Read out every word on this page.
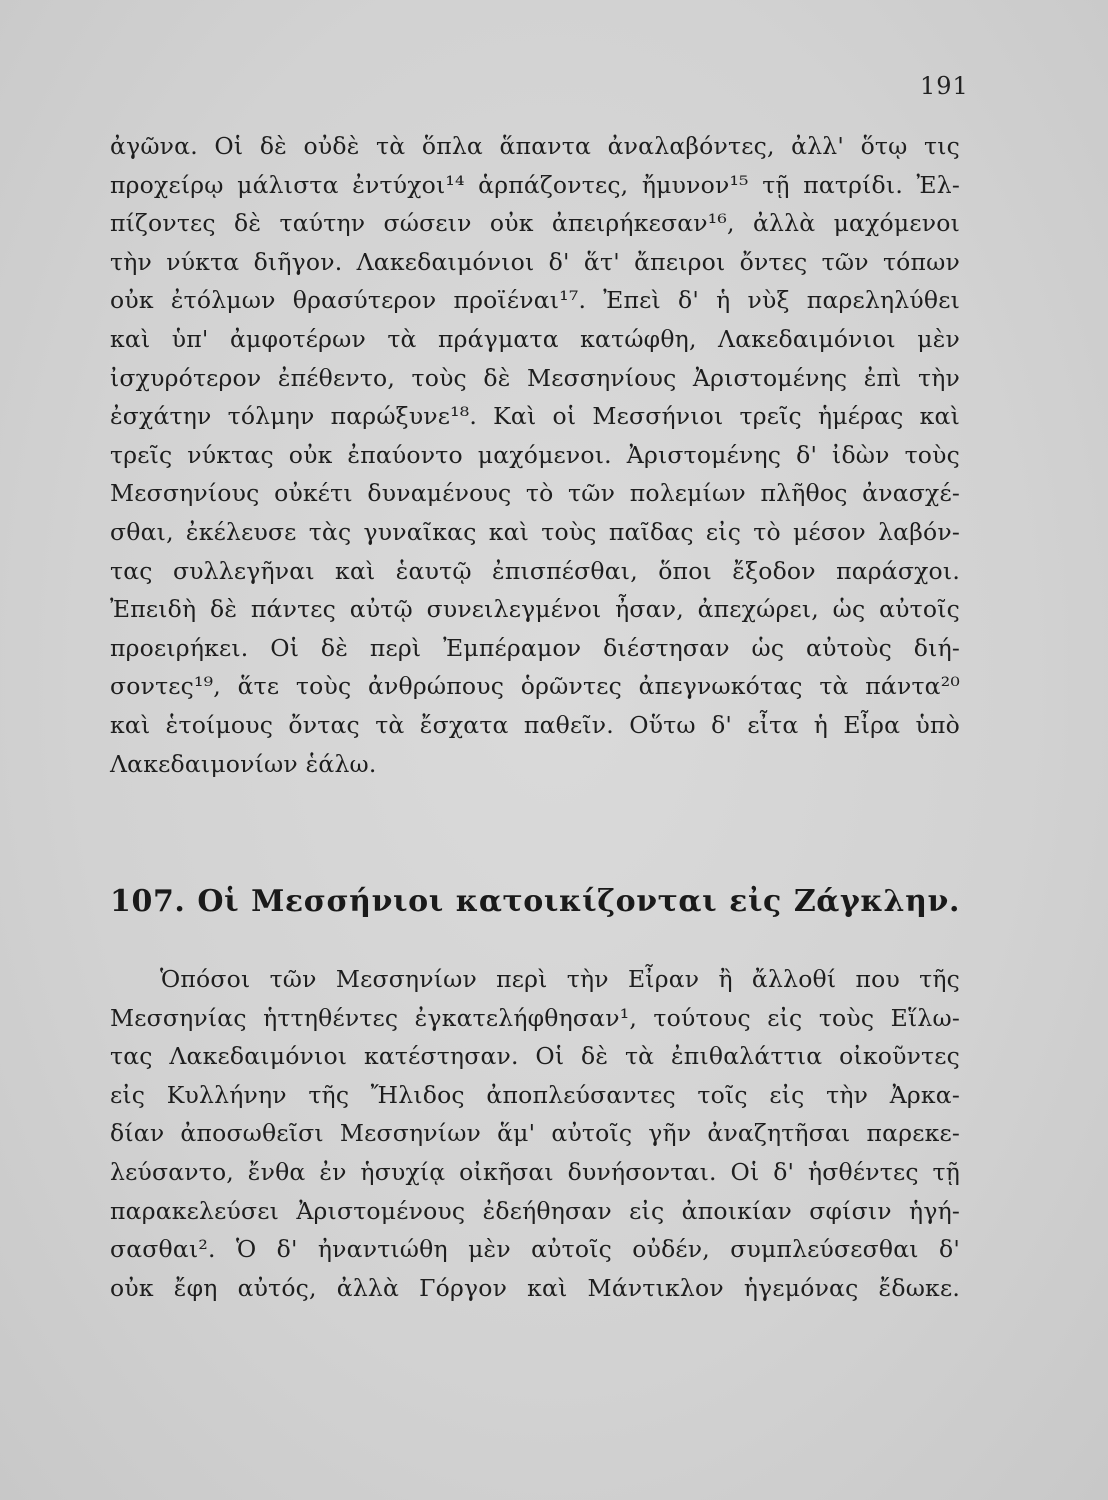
191
ἀγῶνα. Οἱ δὲ οὐδὲ τὰ ὅπλα ἅπαντα ἀναλαβόντες, ἀλλ' ὅτῳ τις
προχείρῳ μάλιστα ἐντύχοι¹⁴ ἁρπάζοντες, ἤμυνον¹⁵ τῇ πατρίδι. Ἐλ-
πίζοντες δὲ ταύτην σώσειν οὐκ ἀπειρήκεσαν¹⁶, ἀλλὰ μαχόμενοι
τὴν νύκτα διῆγον. Λακεδαιμόνιοι δ' ἅτ' ἄπειροι ὄντες τῶν τόπων
οὐκ ἐτόλμων θρασύτερον προϊέναι¹⁷. Ἐπεὶ δ' ἡ νὺξ παρεληλύθει
καὶ ὑπ' ἀμφοτέρων τὰ πράγματα κατώφθη, Λακεδαιμόνιοι μὲν
ἰσχυρότερον ἐπέθεντο, τοὺς δὲ Μεσσηνίους Ἀριστομένης ἐπὶ τὴν
ἐσχάτην τόλμην παρώξυνε¹⁸. Καὶ οἱ Μεσσήνιοι τρεῖς ἡμέρας καὶ
τρεῖς νύκτας οὐκ ἐπαύοντο μαχόμενοι. Ἀριστομένης δ' ἰδὼν τοὺς
Μεσσηνίους οὐκέτι δυναμένους τὸ τῶν πολεμίων πλῆθος ἀνασχέ-
σθαι, ἐκέλευσε τὰς γυναῖκας καὶ τοὺς παῖδας εἰς τὸ μέσον λαβόν-
τας συλλεγῆναι καὶ ἑαυτῷ ἐπισπέσθαι, ὅποι ἔξοδον παράσχοι.
Ἐπειδὴ δὲ πάντες αὐτῷ συνειλεγμένοι ἦσαν, ἀπεχώρει, ὡς αὐτοῖς
προειρήκει. Οἱ δὲ περὶ Ἐμπέραμον διέστησαν ὡς αὐτοὺς διή-
σοντες¹⁹, ἅτε τοὺς ἀνθρώπους ὁρῶντες ἀπεγνωκότας τὰ πάντα²⁰
καὶ ἑτοίμους ὄντας τὰ ἔσχατα παθεῖν. Οὕτω δ' εἶτα ἡ Εἶρα ὑπὸ
Λακεδαιμονίων ἑάλω.
107. Οἱ Μεσσήνιοι κατοικίζονται εἰς Ζάγκλην.
Ὁπόσοι τῶν Μεσσηνίων περὶ τὴν Εἶραν ἢ ἄλλοθί που τῆς
Μεσσηνίας ἡττηθέντες ἐγκατελήφθησαν¹, τούτους εἰς τοὺς Εἵλω-
τας Λακεδαιμόνιοι κατέστησαν. Οἱ δὲ τὰ ἐπιθαλάττια οἰκοῦντες
εἰς Κυλλήνην τῆς Ἤλιδος ἀποπλεύσαντες τοῖς εἰς τὴν Ἀρκα-
δίαν ἀποσωθεῖσι Μεσσηνίων ἅμ' αὐτοῖς γῆν ἀναζητῆσαι παρεκε-
λεύσαντο, ἔνθα ἐν ἡσυχίᾳ οἰκῆσαι δυνήσονται. Οἱ δ' ἡσθέντες τῇ
παρακελεύσει Ἀριστομένους ἐδεήθησαν εἰς ἀποικίαν σφίσιν ἡγή-
σασθαι². Ὁ δ' ἠναντιώθη μὲν αὐτοῖς οὐδέν, συμπλεύσεσθαι δ'
οὐκ ἔφη αὐτός, ἀλλὰ Γόργον καὶ Μάντικλον ἡγεμόνας ἔδωκε.
